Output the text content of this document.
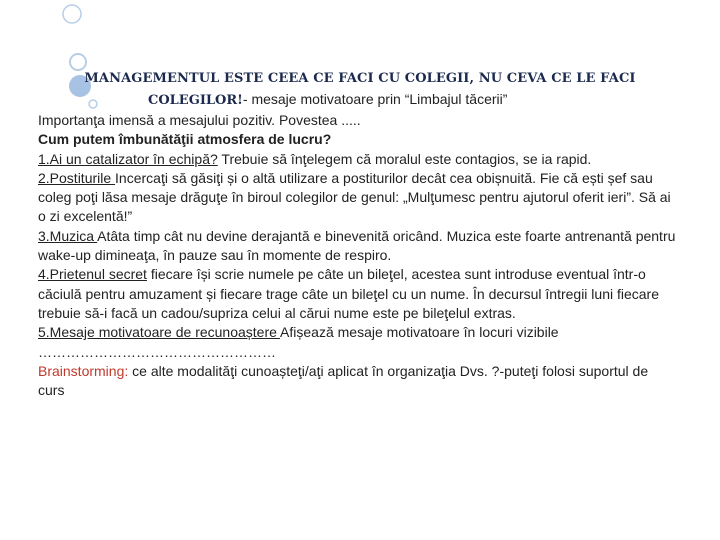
MANAGEMENTUL ESTE CEEA CE FACI CU COLEGII, NU CEVA CE LE FACI
COLEGILOR!- mesaje motivatoare prin “Limbajul tăcerii”

Importanţa imensă a mesajului pozitiv. Povestea .....

Cum putem îmbunătăţii atmosfera de lucru?

1.Ai un catalizator în echipă? Trebuie să înţelegem că moralul este contagios, se ia rapid.

2.Postiturile Incercaţi să găsiţi și o altă utilizare a postiturilor decât cea obișnuită. Fie că ești șef sau coleg poţi lăsa mesaje drăguţe în biroul colegilor de genul: „Mulţumesc pentru ajutorul oferit ieri”. Să ai o zi excelentă!”

3.Muzica Atâta timp cât nu devine derajantă e binevenită oricând. Muzica este foarte antrenantă pentru wake-up dimineaţa, în pauze sau în momente de respiro.

4.Prietenul secret fiecare își scrie numele pe câte un bileţel, acestea sunt introduse eventual într-o căciulă pentru amuzament și fiecare trage câte un bileţel cu un nume. În decursul întregii luni fiecare trebuie să-i facă un cadou/supriza celui al cărui nume este pe bileţelul extras.

5.Mesaje motivatoare de recunoaștere Afișează mesaje motivatoare în locuri vizibile ……………………………………………

Brainstorming: ce alte modalităţi cunoașteţi/aţi aplicat în organizaţia Dvs. ?-puteţi folosi suportul de curs
